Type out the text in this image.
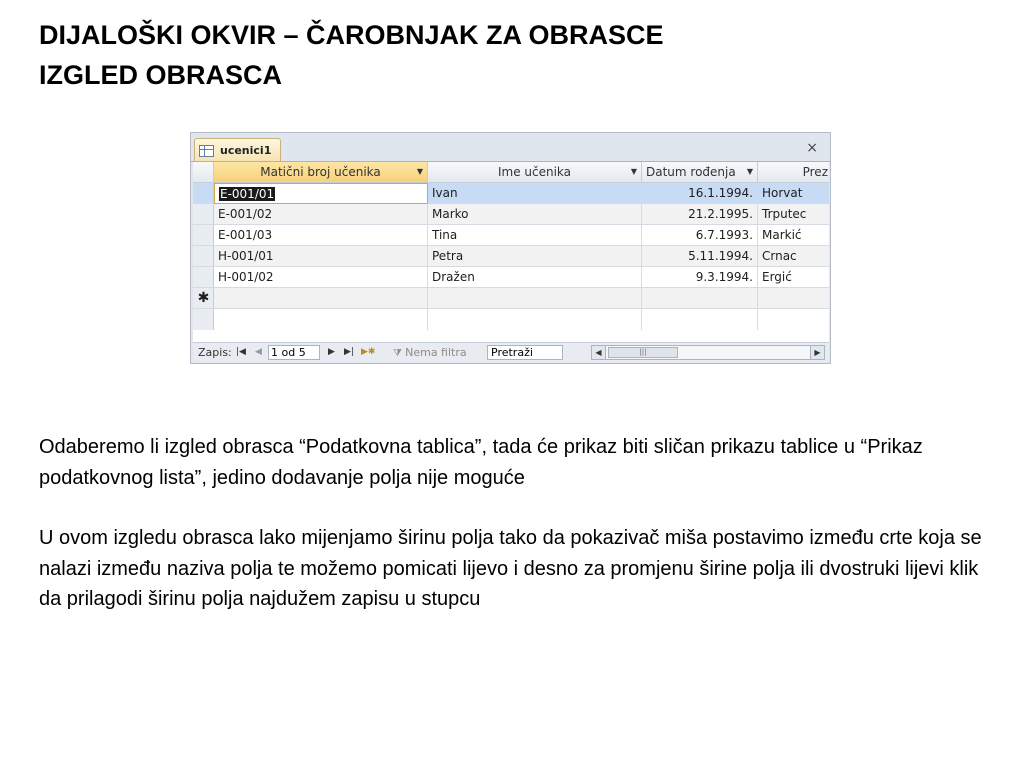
DIJALOŠKI OKVIR – ČAROBNJAK ZA OBRASCE
IZGLED OBRASCA
ucenici1	×
Matični broj učenika	▼	Ime učenika	▼ Datum rođenja ▼	Prez
E-001/01	Ivan	16.1.1994. Horvat
E-001/02	Marko	21.2.1995. Trputec
E-001/03	Tina	6.7.1993. Markić
H-001/01	Petra	5.11.1994. Crnac
H-001/02	Dražen	9.3.1994. Ergić
✱
Zapis: |◀ ◀ 1 od 5	▶ ▶| ▶✱ ⧩ Nema filtra	Pretraži	◀	|||	▶

Odaberemo li izgled obrasca “Podatkovna tablica”, tada će prikaz biti sličan prikazu tablice u “Prikaz podatkovnog lista”, jedino dodavanje polja nije moguće

U ovom izgledu obrasca lako mijenjamo širinu polja tako da pokazivač miša postavimo između crte koja se nalazi između naziva polja te možemo pomicati lijevo i desno za promjenu širine polja ili dvostruki lijevi klik da prilagodi širinu polja najdužem zapisu u stupcu
